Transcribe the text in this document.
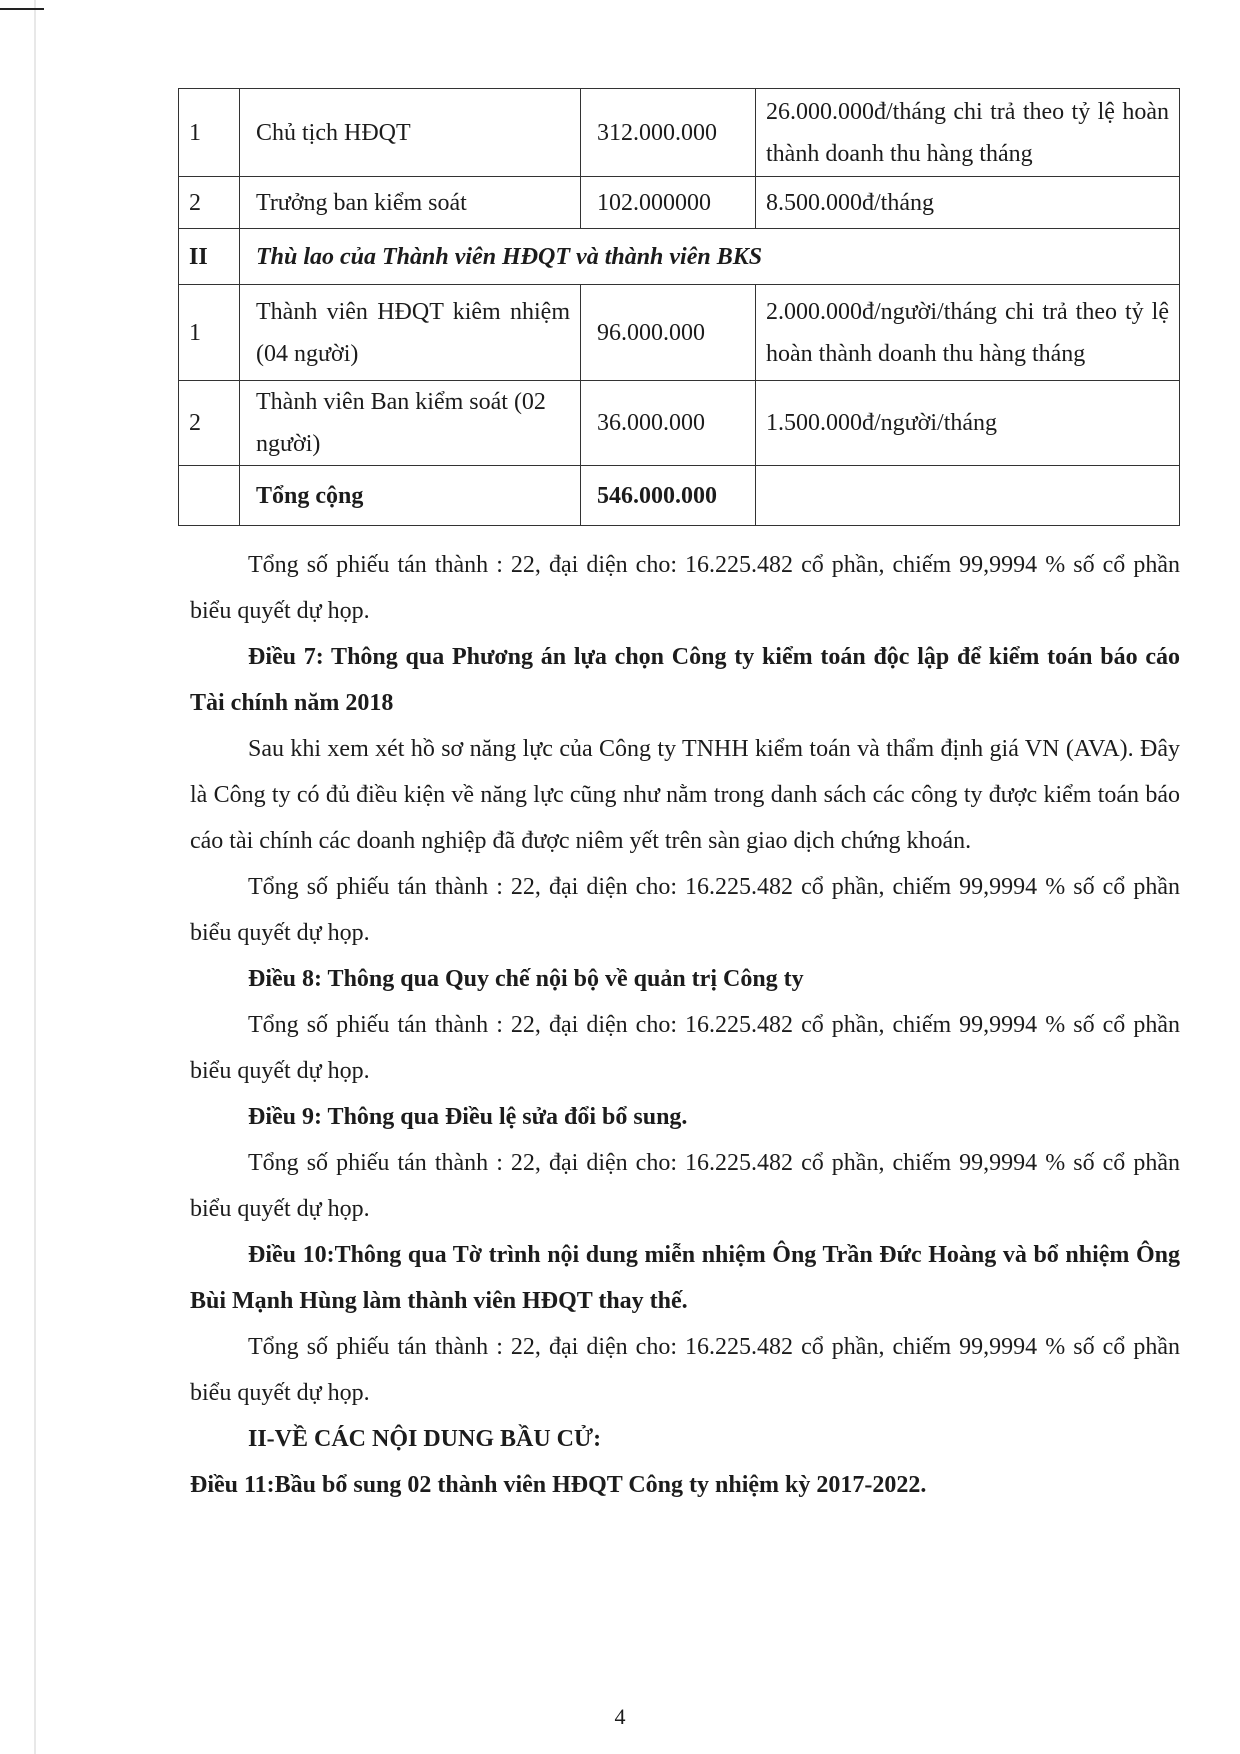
1	Chủ tịch HĐQT	312.000.000	26.000.000đ/tháng chi trả theo tỷ lệ hoàn thành doanh thu hàng tháng
2	Trưởng ban kiểm soát	102.000000	8.500.000đ/tháng
II	Thù lao của Thành viên HĐQT và thành viên BKS		
1	Thành viên HĐQT kiêm nhiệm (04 người)	96.000.000	2.000.000đ/người/tháng chi trả theo tỷ lệ hoàn thành doanh thu hàng tháng
2	Thành viên Ban kiểm soát (02 người)	36.000.000	1.500.000đ/người/tháng
	Tổng cộng	546.000.000	

Tổng số phiếu tán thành : 22, đại diện cho: 16.225.482 cổ phần, chiếm 99,9994 % số cổ phần biểu quyết dự họp.

Điều 7: Thông qua Phương án lựa chọn Công ty kiểm toán độc lập để kiểm toán báo cáo Tài chính năm 2018

Sau khi xem xét hồ sơ năng lực của Công ty TNHH kiểm toán và thẩm định giá VN (AVA). Đây là Công ty có đủ điều kiện về năng lực cũng như nằm trong danh sách các công ty được kiểm toán báo cáo tài chính các doanh nghiệp đã được niêm yết trên sàn giao dịch chứng khoán.

Tổng số phiếu tán thành : 22, đại diện cho: 16.225.482 cổ phần, chiếm 99,9994 % số cổ phần biểu quyết dự họp.

Điều 8: Thông qua Quy chế nội bộ về quản trị Công ty

Tổng số phiếu tán thành : 22, đại diện cho: 16.225.482 cổ phần, chiếm 99,9994 % số cổ phần biểu quyết dự họp.

Điều 9: Thông qua Điều lệ sửa đổi bổ sung.

Tổng số phiếu tán thành : 22, đại diện cho: 16.225.482 cổ phần, chiếm 99,9994 % số cổ phần biểu quyết dự họp.

Điều 10:Thông qua Tờ trình nội dung miễn nhiệm Ông Trần Đức Hoàng và bổ nhiệm Ông Bùi Mạnh Hùng làm thành viên HĐQT thay thế.

Tổng số phiếu tán thành : 22, đại diện cho: 16.225.482 cổ phần, chiếm 99,9994 % số cổ phần biểu quyết dự họp.

II-VỀ CÁC NỘI DUNG BẦU CỬ:

Điều 11:Bầu bổ sung 02 thành viên HĐQT Công ty nhiệm kỳ 2017-2022.

4
